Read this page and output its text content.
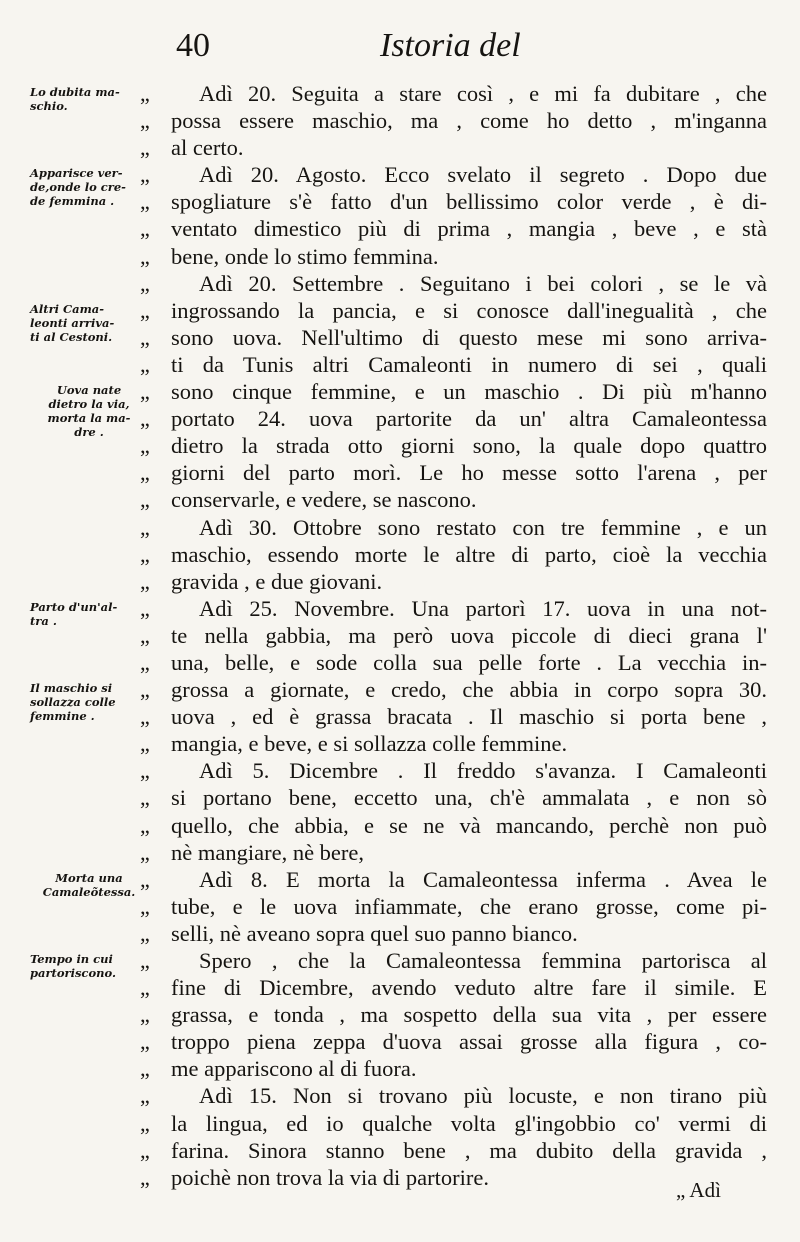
40	Istoria del
Lo dubita ma-
schio.
Apparisce ver-
de,onde lo cre-
de femmina .
Altri Cama-
leonti arriva-
ti al Cestoni.
Uova nate
dietro la via,
morta la ma-
dre .
Parto d'un'al-
tra .
Il maschio si
sollazza colle
femmine .
Morta una
Camaleõtessa.
Tempo in cui
partoriscono.
„	Adì 20. Seguita a stare così , e mi fa dubitare , che
„ possa essere maschio, ma , come ho detto , m'inganna
„ al certo.
„	Adì 20. Agosto. Ecco svelato il segreto . Dopo due
„ spogliature s'è fatto d'un bellissimo color verde , è di-
„ ventato dimestico più di prima , mangia , beve , e stà
„ bene, onde lo stimo femmina.
„	Adì 20. Settembre . Seguitano i bei colori , se le và
„ ingrossando la pancia, e si conosce dall'inegualità , che
„ sono uova. Nell'ultimo di questo mese mi sono arriva-
„ ti da Tunis altri Camaleonti in numero di sei , quali
„ sono cinque femmine, e un maschio . Di più m'hanno
„ portato 24. uova partorite da un' altra Camaleontessa
„ dietro la strada otto giorni sono, la quale dopo quattro
„ giorni del parto morì. Le ho messe sotto l'arena , per
„ conservarle, e vedere, se nascono.
„	Adì 30. Ottobre sono restato con tre femmine , e un
„ maschio, essendo morte le altre di parto, cioè la vecchia
„ gravida , e due giovani.
„	Adì 25. Novembre. Una partorì 17. uova in una not-
„ te nella gabbia, ma però uova piccole di dieci grana l'
„ una, belle, e sode colla sua pelle forte . La vecchia in-
„ grossa a giornate, e credo, che abbia in corpo sopra 30.
„ uova , ed è grassa bracata . Il maschio si porta bene ,
„ mangia, e beve, e si sollazza colle femmine.
„	Adì 5. Dicembre . Il freddo s'avanza. I Camaleonti
„ si portano bene, eccetto una, ch'è ammalata , e non sò
„ quello, che abbia, e se ne và mancando, perchè non può
„ nè mangiare, nè bere,
„	Adì 8. E morta la Camaleontessa inferma . Avea le
„ tube, e le uova infiammate, che erano grosse, come pi-
„ selli, nè aveano sopra quel suo panno bianco.
„	Spero , che la Camaleontessa femmina partorisca al
„ fine di Dicembre, avendo veduto altre fare il simile. E
„ grassa, e tonda , ma sospetto della sua vita , per essere
„ troppo piena zeppa d'uova assai grosse alla figura , co-
„ me appariscono al di fuora.
„	Adì 15. Non si trovano più locuste, e non tirano più
„ la lingua, ed io qualche volta gl'ingobbio co' vermi di
„ farina. Sinora stanno bene , ma dubito della gravida ,
„ poichè non trova la via di partorire.
„ Adì
